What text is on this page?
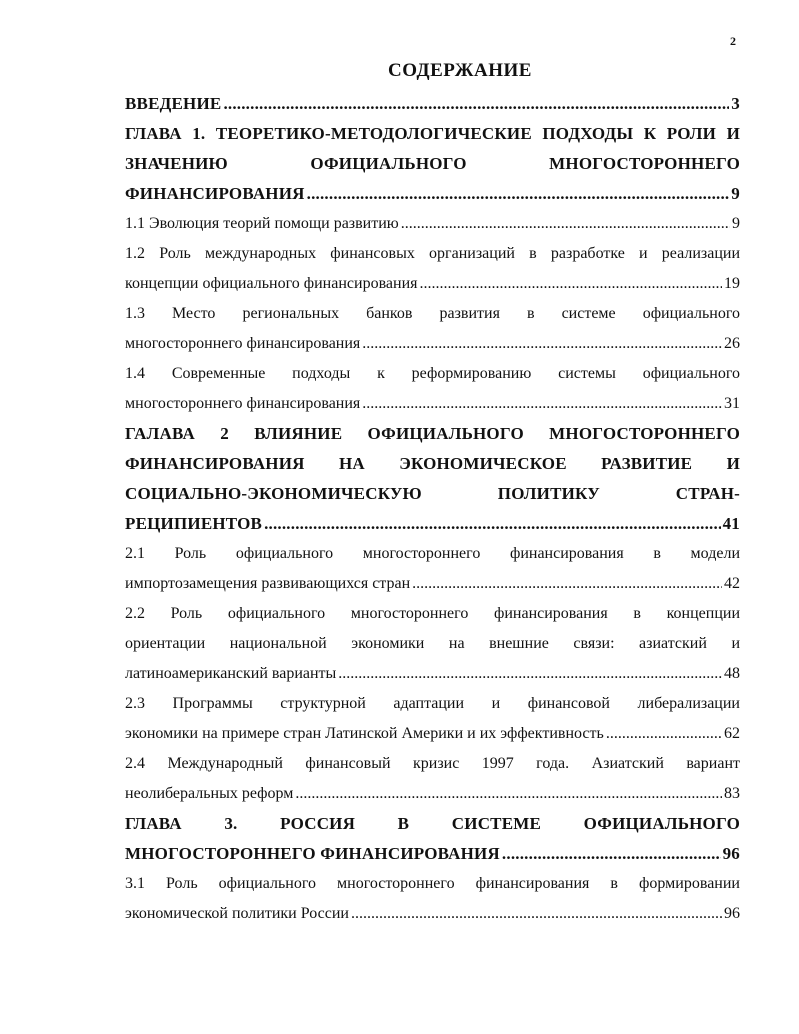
2
СОДЕРЖАНИЕ
ВВЕДЕНИЕ .....	3
ГЛАВА 1. ТЕОРЕТИКО-МЕТОДОЛОГИЧЕСКИЕ ПОДХОДЫ К РОЛИ И
ЗНАЧЕНИЮ ОФИЦИАЛЬНОГО МНОГОСТОРОННЕГО
ФИНАНСИРОВАНИЯ .....	9
1.1 Эволюция теорий помощи развитию .....	9
1.2 Роль международных финансовых организаций в разработке и реализации
концепции официального финансирования .....	19
1.3 Место региональных банков развития в системе официального
многостороннего финансирования .....	26
1.4 Современные подходы к реформированию системы официального
многостороннего финансирования .....	31
ГАЛАВА 2 ВЛИЯНИЕ ОФИЦИАЛЬНОГО МНОГОСТОРОННЕГО
ФИНАНСИРОВАНИЯ НА ЭКОНОМИЧЕСКОЕ РАЗВИТИЕ И
СОЦИАЛЬНО-ЭКОНОМИЧЕСКУЮ ПОЛИТИКУ СТРАН-
РЕЦИПИЕНТОВ .....	41
2.1 Роль официального многостороннего финансирования в модели
импортозамещения развивающихся стран .....	42
2.2 Роль официального многостороннего финансирования в концепции
ориентации национальной экономики на внешние связи: азиатский и
латиноамериканский варианты .....	48
2.3 Программы структурной адаптации и финансовой либерализации
экономики на примере стран Латинской Америки и их эффективность .....	62
2.4 Международный финансовый кризис 1997 года. Азиатский вариант
неолиберальных реформ .....	83
ГЛАВА 3. РОССИЯ В СИСТЕМЕ ОФИЦИАЛЬНОГО
МНОГОСТОРОННЕГО ФИНАНСИРОВАНИЯ .....	96
3.1 Роль официального многостороннего финансирования в формировании
экономической политики России .....	96
